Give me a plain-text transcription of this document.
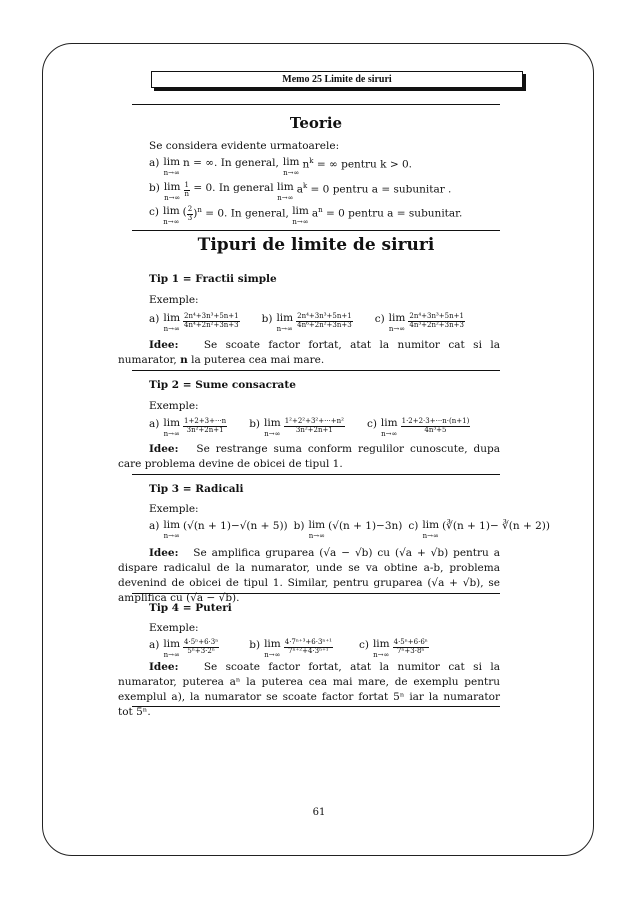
Memo 25 Limite de siruri
Teorie
Se considera evidente urmatoarele:
a) lim
n→∞
n = ∞. In general, lim
n→∞
$n^k$ = ∞ pentru k > 0.
b) lim
$n\to\infty \frac{1}{n} = 0$. In general lim
n→∞
$a^k = 0$ pentru a = subunitar .
c) lim
n→∞
( $\frac{2}{3} )^n = 0$. In general, lim
n→∞
$a^n = 0$ pentru a = subunitar.
Tipuri de limite de siruri
Tip 1 = Fractii simple
Exemple:
a) lim
$n\to\infty \frac{\text{2n⁴+3n³+5n+1}}{\text{4n⁴+2n²+3n+3}} b$) lim
$n\to\infty \frac{\text{2n⁴+3n³+5n+1}}{\text{4n⁶+2n²+3n+3}} c$) lim
$n\to\infty \frac{\text{2n⁴+3n³+5n+1}}{\text{4n³+2n²+3n+3}}$
Idee: Se scoate factor fortat, atat la numitor cat si la numarator, n la puterea cea mai mare.
Tip 2 = Sume consacrate
Exemple:
a) lim
$n\to\infty \frac{1+2+3+\cdot\cdot\cdot n}{\text{3n²+2n+1}} b$) lim
$n\to\infty \frac{\text{1²+2²+3²+···+n²}}{\text{3n²+2n+1}} c$) lim
$n\to\infty \frac{1\cdot 2+2\cdot 3+\cdot\cdot\cdot n\cdot(n+1)}{\text{4n³+5}}$
Idee: Se restrange suma conform regulilor cunoscute, dupa care problema devine de obicei de tipul 1.
Tip 3 = Radicali
Exemple:
a) lim
n→∞
(√(n + 1)−√(n + 5)) b) lim
n→∞
(√(n + 1)−3n) c) lim
n→∞
(∛(n + 1)− ∛(n + 2))
Idee: Se amplifica gruparea (√a − √b) cu (√a + √b) pentru a dispare radicalul de la numarator, unde se va obtine a-b, problema devenind de obicei de tipul 1. Similar, pentru gruparea (√a + √b), se amplifica cu (√a − √b).
Tip 4 = Puteri
Exemple:
a) lim
$n\to\infty \frac{\text{4·5ⁿ+6·3ⁿ}}{\text{5ⁿ+3·2ⁿ}}$	b) lim
$n\to\infty \frac{\text{4·7ⁿ⁺³+6·3ⁿ⁺¹}}{\text{7ⁿ⁺²+4·3ⁿ⁺¹}} c$) lim
$n\to\infty \frac{\text{4·5ⁿ+6·6ⁿ}}{\text{7ⁿ+3·8ⁿ}}$
Idee: Se scoate factor fortat, atat la numitor cat si la numarator, puterea aⁿ la puterea cea mai mare, de exemplu pentru exemplul a), la numarator se scoate factor fortat 5ⁿ iar la numarator tot 5ⁿ.
61
